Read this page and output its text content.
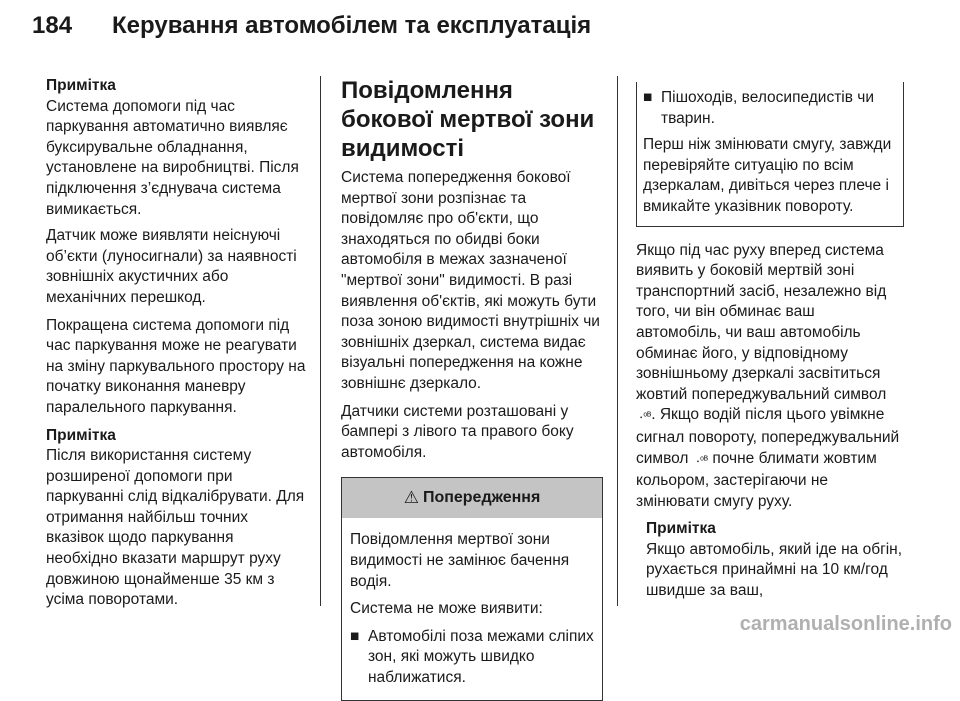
184 Керування автомобілем та експлуатація
Примітка

Система допомоги під час паркування автоматично виявляє буксирувальне обладнання, установлене на виробництві. Після підключення з’єднувача система вимикається.

Датчик може виявляти неіснуючі об’єкти (луносигнали) за наявності зовнішніх акустичних або механічних перешкод.

Покращена система допомоги під час паркування може не реагувати на зміну паркувального простору на початку виконання маневру паралельного паркування.

Примітка

Після використання систему розширеної допомоги при паркуванні слід відкалібрувати. Для отримання найбільш точних вказівок щодо паркування необхідно вказати маршрут руху довжиною щонайменше 35 км з усіма поворотами.

Повідомлення бокової мертвої зони видимості

Система попередження бокової мертвої зони розпізнає та повідомляє про об'єкти, що знаходяться по обидві боки автомобіля в межах зазначеної "мертвої зони" видимості. В разі виявлення об'єктів, які можуть бути поза зоною видимості внутрішніх чи зовнішніх дзеркал, система видає візуальні попередження на кожне зовнішнє дзеркало.

Датчики системи розташовані у бампері з лівого та правого боку автомобіля.

⚠ Попередження

Повідомлення мертвої зони видимості не замінює бачення водія.

Система не може виявити:

■ Автомобілі поза межами сліпих зон, які можуть швидко наближатися.
■ Пішоходів, велосипедистів чи тварин.

Перш ніж змінювати смугу, завжди перевіряйте ситуацію по всім дзеркалам, дивіться через плече і вмикайте указівник повороту.

Якщо під час руху вперед система виявить у боковій мертвій зоні транспортний засіб, незалежно від того, чи він обминає ваш автомобіль, чи ваш автомобіль обминає його, у відповідному зовнішньому дзеркалі засвітиться жовтий попереджувальний символ ⠠ᵒᴮ. Якщо водій після цього увімкне сигнал повороту, попереджувальний символ ⠠ᵒᴮ почне блимати жовтим кольором, застерігаючи не змінювати смугу руху.

Примітка

Якщо автомобіль, який іде на обгін, рухається принаймні на 10 км/год швидше за ваш,

carmanualsonline.info
